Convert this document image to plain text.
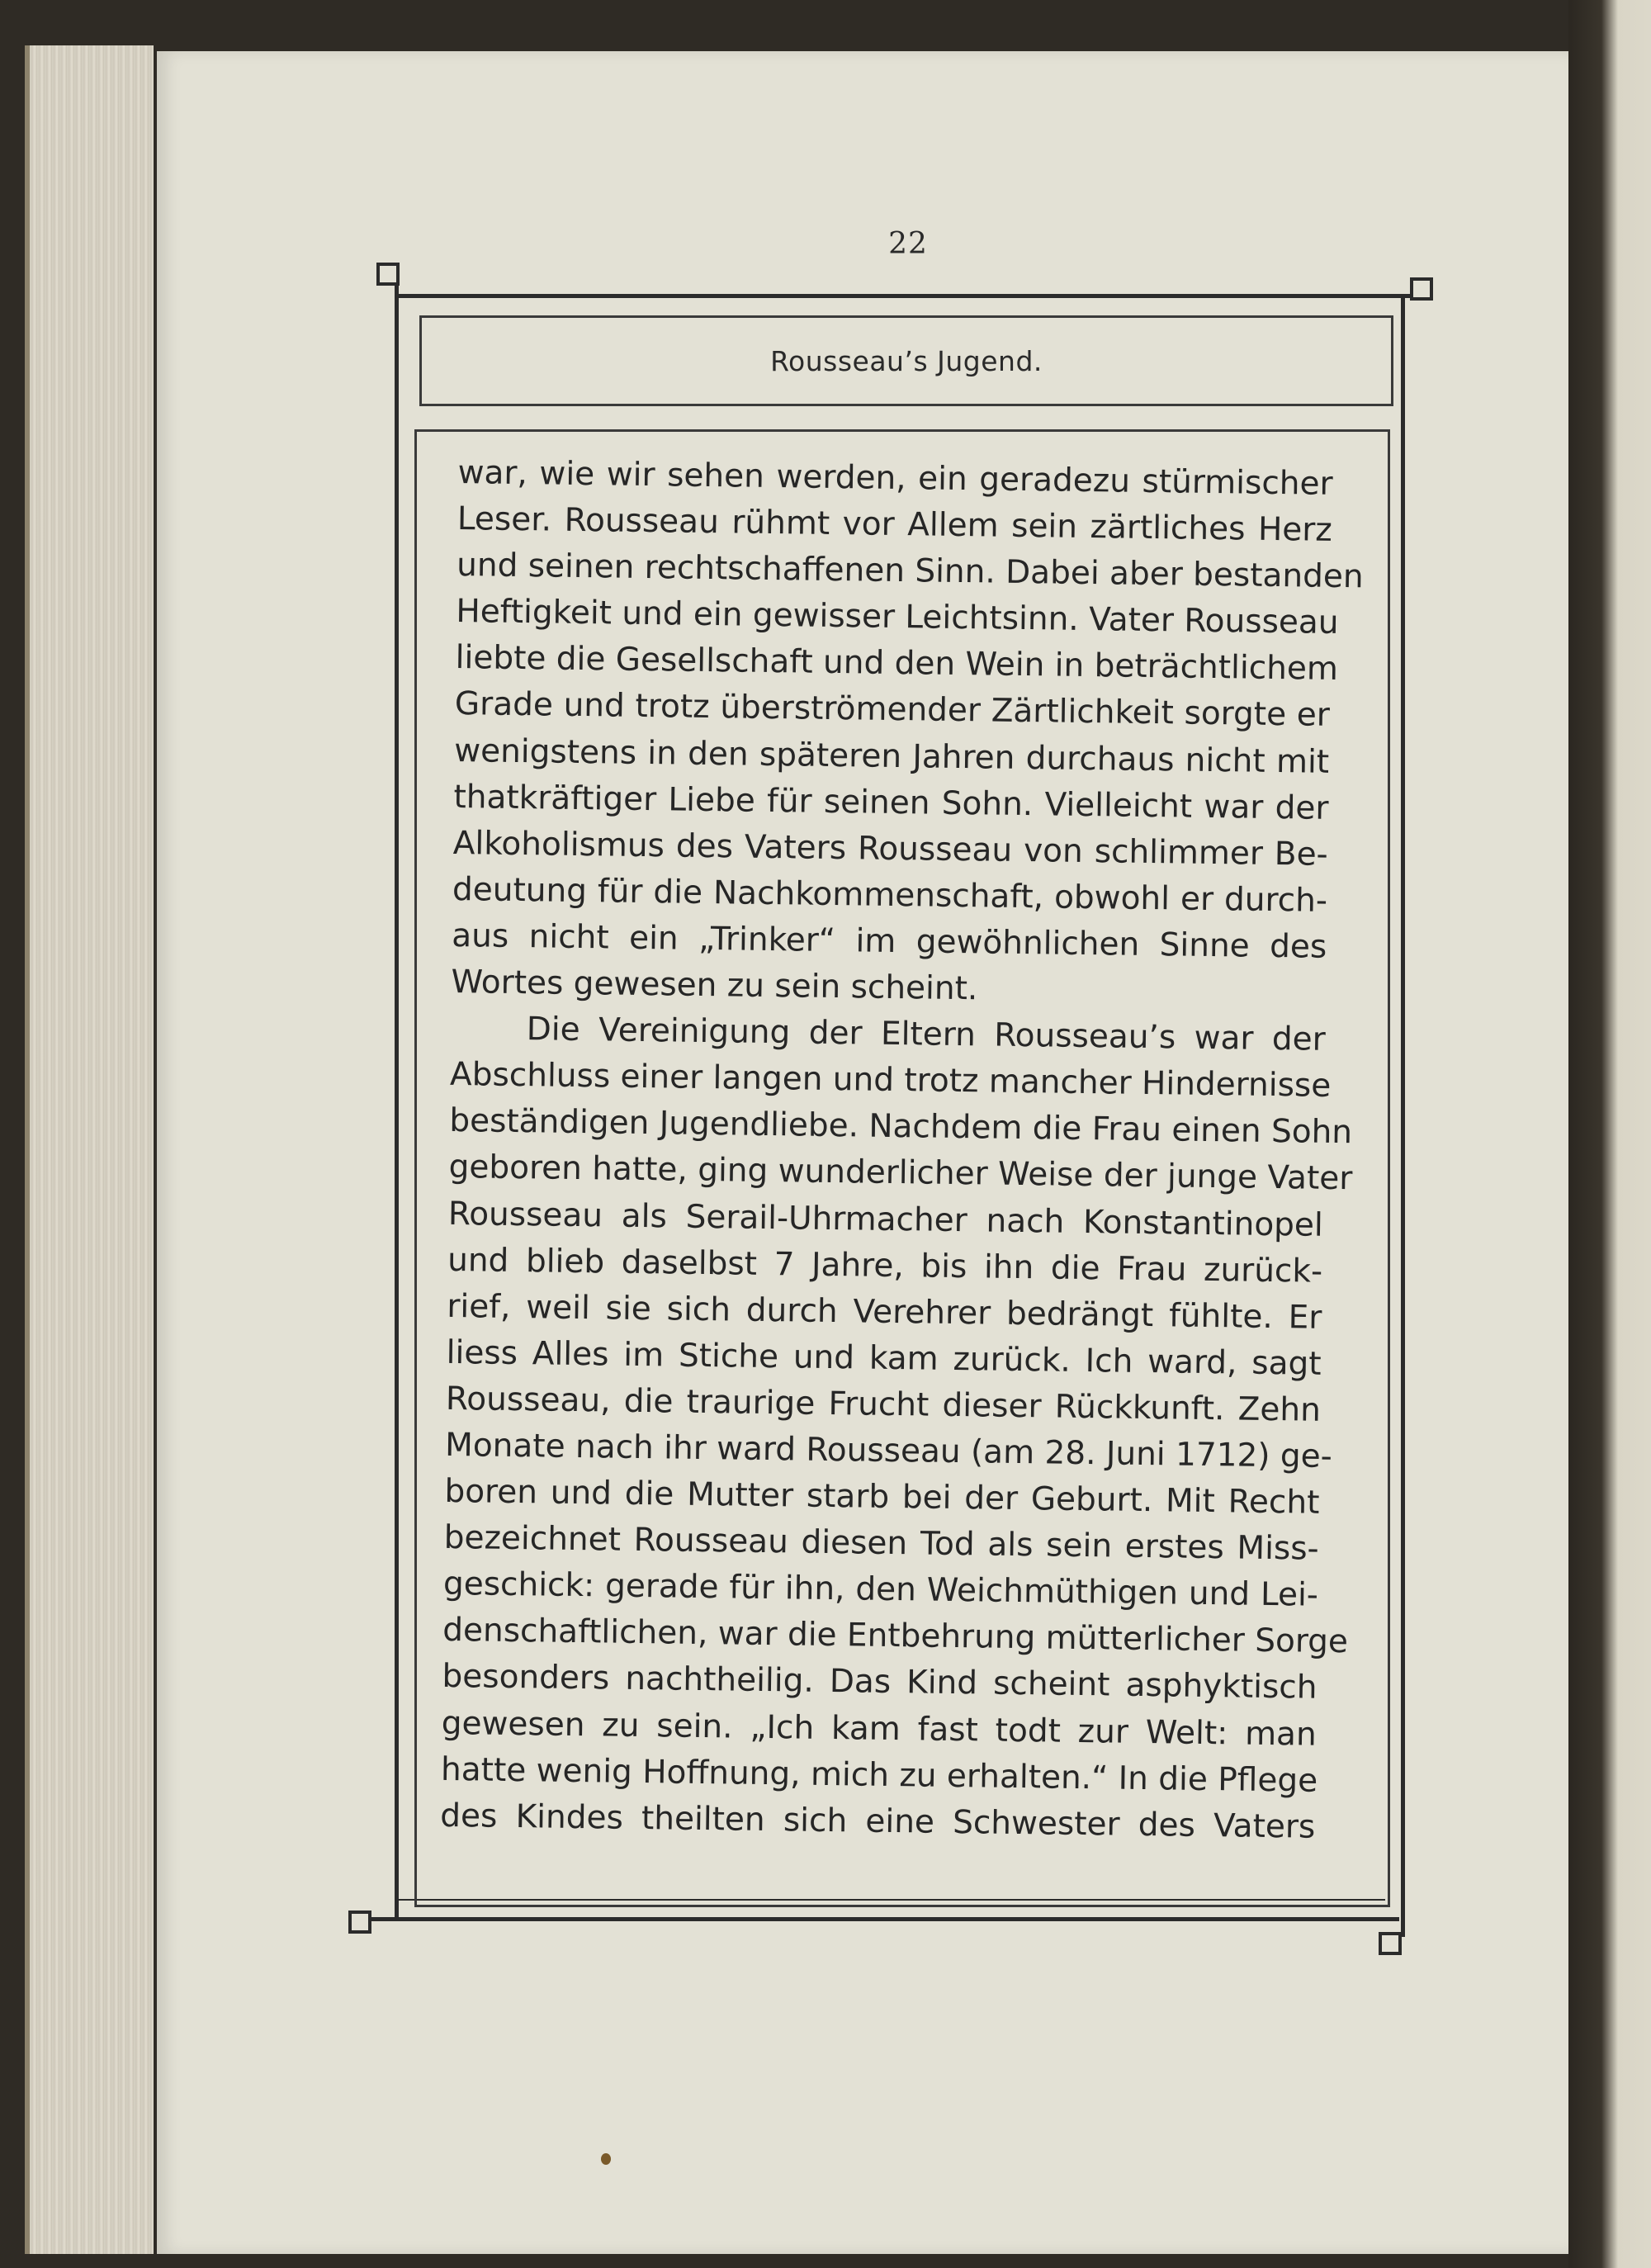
22
Rousseau’s Jugend.
war, wie wir sehen werden, ein geradezu stürmischer
Leser. Rousseau rühmt vor Allem sein zärtliches Herz
und seinen rechtschaffenen Sinn. Dabei aber bestanden
Heftigkeit und ein gewisser Leichtsinn. Vater Rousseau
liebte die Gesellschaft und den Wein in beträchtlichem
Grade und trotz überströmender Zärtlichkeit sorgte er
wenigstens in den späteren Jahren durchaus nicht mit
thatkräftiger Liebe für seinen Sohn. Vielleicht war der
Alkoholismus des Vaters Rousseau von schlimmer Be-
deutung für die Nachkommenschaft, obwohl er durch-
aus nicht ein „Trinker“ im gewöhnlichen Sinne des
Wortes gewesen zu sein scheint.
Die Vereinigung der Eltern Rousseau’s war der
Abschluss einer langen und trotz mancher Hindernisse
beständigen Jugendliebe. Nachdem die Frau einen Sohn
geboren hatte, ging wunderlicher Weise der junge Vater
Rousseau als Serail-Uhrmacher nach Konstantinopel
und blieb daselbst 7 Jahre, bis ihn die Frau zurück-
rief, weil sie sich durch Verehrer bedrängt fühlte. Er
liess Alles im Stiche und kam zurück. Ich ward, sagt
Rousseau, die traurige Frucht dieser Rückkunft. Zehn
Monate nach ihr ward Rousseau (am 28. Juni 1712) ge-
boren und die Mutter starb bei der Geburt. Mit Recht
bezeichnet Rousseau diesen Tod als sein erstes Miss-
geschick: gerade für ihn, den Weichmüthigen und Lei-
denschaftlichen, war die Entbehrung mütterlicher Sorge
besonders nachtheilig. Das Kind scheint asphyktisch
gewesen zu sein. „Ich kam fast todt zur Welt: man
hatte wenig Hoffnung, mich zu erhalten.“ In die Pflege
des Kindes theilten sich eine Schwester des Vaters
